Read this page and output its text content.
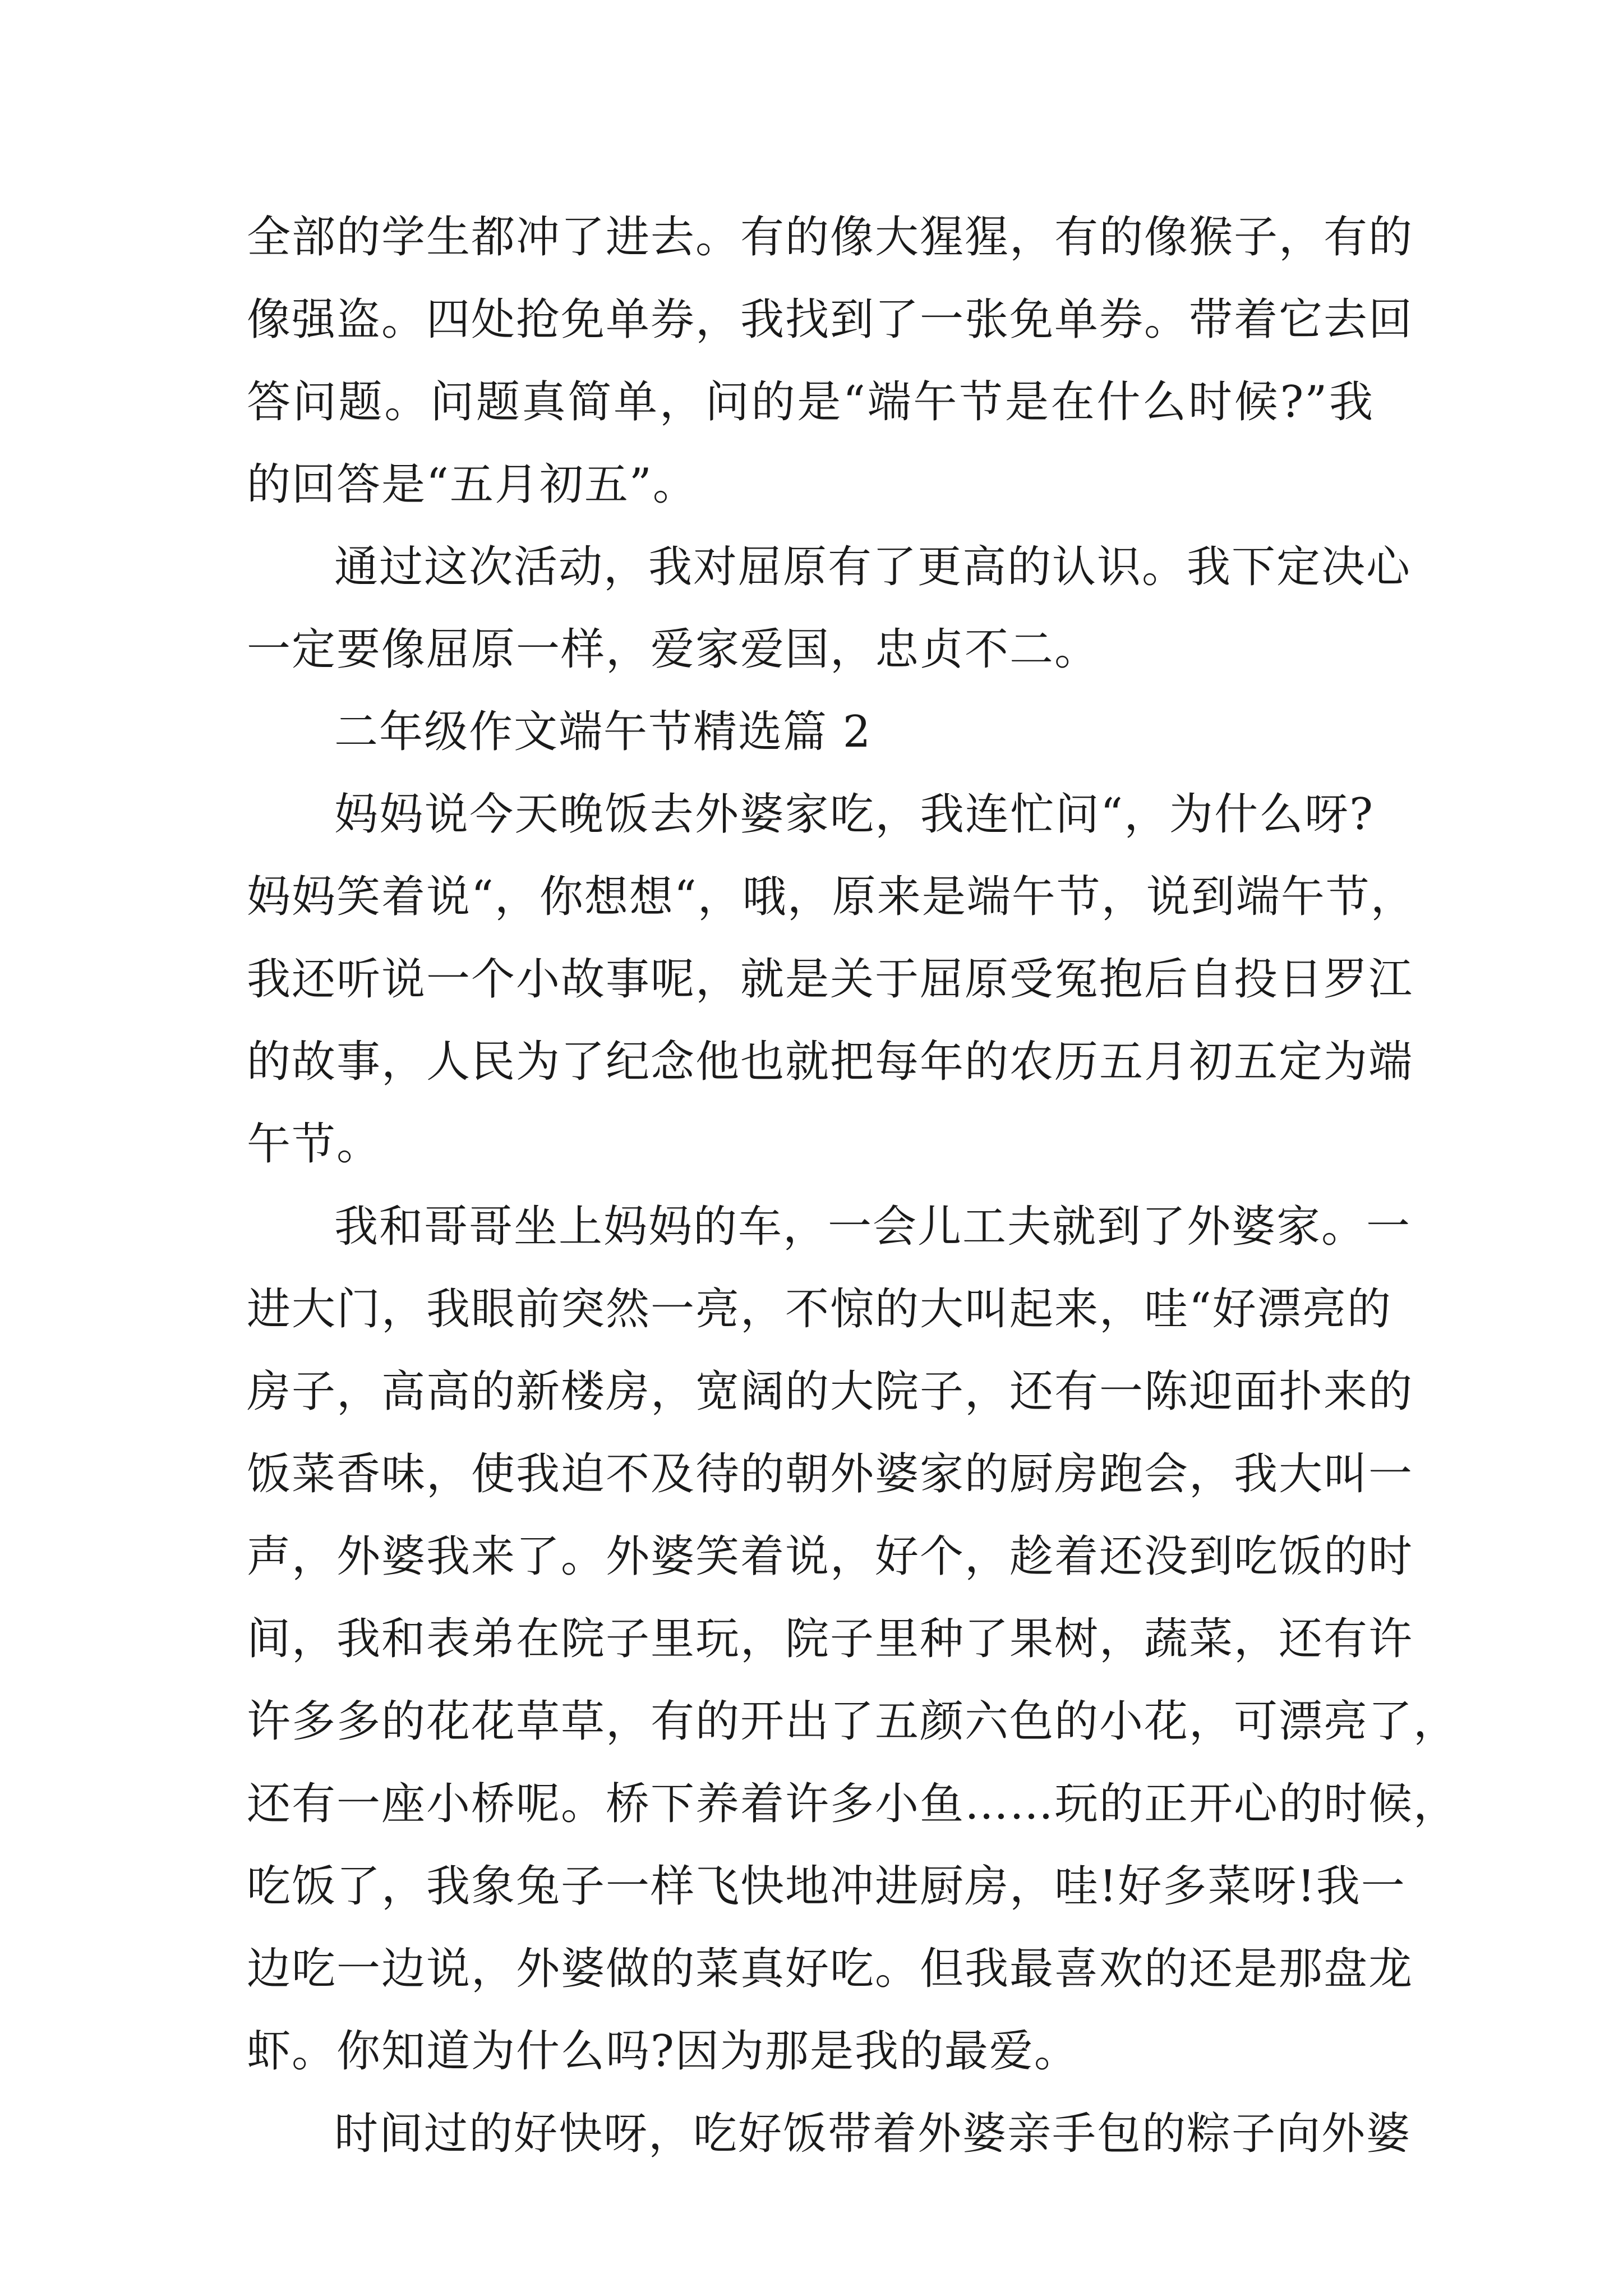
全部的学生都冲了进去。有的像大猩猩，有的像猴子，有的
像强盗。四处抢免单券，我找到了一张免单券。带着它去回
答问题。问题真简单，问的是“端午节是在什么时候?”我
的回答是“五月初五”。
通过这次活动，我对屈原有了更高的认识。我下定决心
一定要像屈原一样，爱家爱国，忠贞不二。
二年级作文端午节精选篇 2
妈妈说今天晚饭去外婆家吃，我连忙问“，为什么呀?
妈妈笑着说“，你想想“，哦，原来是端午节，说到端午节，
我还听说一个小故事呢，就是关于屈原受冤抱后自投日罗江
的故事，人民为了纪念他也就把每年的农历五月初五定为端
午节。
我和哥哥坐上妈妈的车，一会儿工夫就到了外婆家。一
进大门，我眼前突然一亮，不惊的大叫起来，哇“好漂亮的
房子，高高的新楼房，宽阔的大院子，还有一陈迎面扑来的
饭菜香味，使我迫不及待的朝外婆家的厨房跑会，我大叫一
声，外婆我来了。外婆笑着说，好个，趁着还没到吃饭的时
间，我和表弟在院子里玩，院子里种了果树，蔬菜，还有许
许多多的花花草草，有的开出了五颜六色的小花，可漂亮了，
还有一座小桥呢。桥下养着许多小鱼……玩的正开心的时候，
吃饭了，我象兔子一样飞快地冲进厨房，哇!好多菜呀!我一
边吃一边说，外婆做的菜真好吃。但我最喜欢的还是那盘龙
虾。你知道为什么吗?因为那是我的最爱。
时间过的好快呀，吃好饭带着外婆亲手包的粽子向外婆
